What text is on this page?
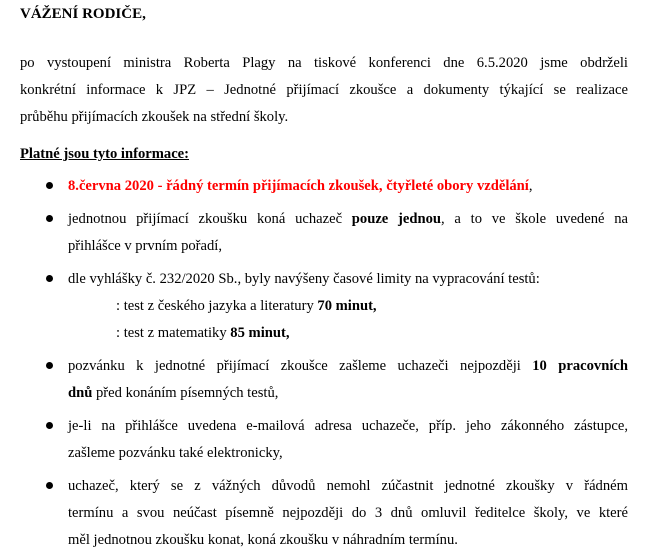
VÁŽENÍ RODIČE,
po vystoupení ministra Roberta Plagy na tiskové konferenci dne 6.5.2020 jsme obdrželi
konkrétní informace k JPZ – Jednotné přijímací zkoušce a dokumenty týkající se realizace
průběhu přijímacích zkoušek na střední školy.
Platné jsou tyto informace:
8.června 2020 - řádný termín přijímacích zkoušek, čtyřleté obory vzdělání,
jednotnou přijímací zkoušku koná uchazeč pouze jednou, a to ve škole uvedené na
přihlášce v prvním pořadí,
dle vyhlášky č. 232/2020 Sb., byly navýšeny časové limity na vypracování testů:
: test z českého jazyka a literatury 70 minut,
: test z matematiky 85 minut,
pozvánku k jednotné přijímací zkoušce zašleme uchazeči nejpozději 10 pracovních
dnů před konáním písemných testů,
je-li na přihlášce uvedena e-mailová adresa uchazeče, příp. jeho zákonného zástupce,
zašleme pozvánku také elektronicky,
uchazeč, který se z vážných důvodů nemohl zúčastnit jednotné zkoušky v řádném
termínu a svou neúčast písemně nejpozději do 3 dnů omluvil ředitelce školy, ve které
měl jednotnou zkoušku konat, koná zkoušku v náhradním termínu.
